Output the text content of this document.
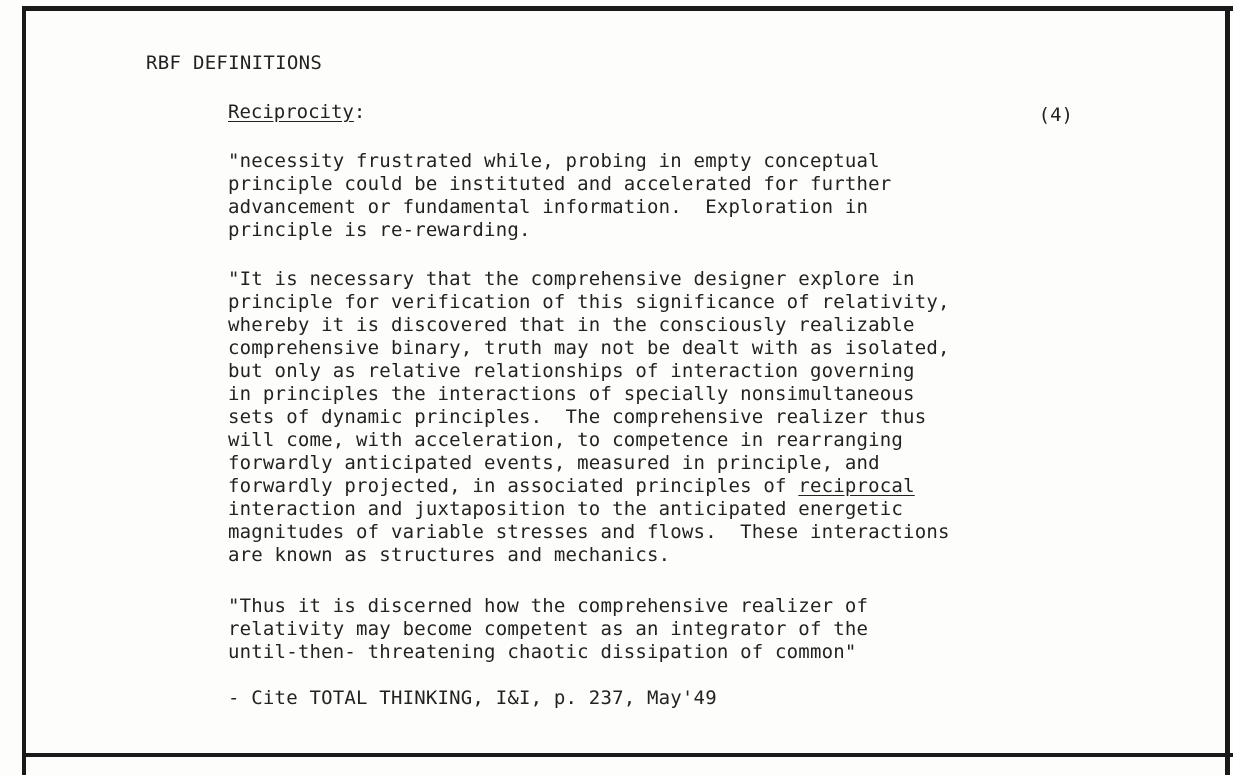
RBF DEFINITIONS
Reciprocity:	(4)
"necessity frustrated while, probing in empty conceptual
principle could be instituted and accelerated for further
advancement or fundamental information.  Exploration in
principle is re-rewarding.
"It is necessary that the comprehensive designer explore in
principle for verification of this significance of relativity,
whereby it is discovered that in the consciously realizable
comprehensive binary, truth may not be dealt with as isolated,
but only as relative relationships of interaction governing
in principles the interactions of specially nonsimultaneous
sets of dynamic principles.  The comprehensive realizer thus
will come, with acceleration, to competence in rearranging
forwardly anticipated events, measured in principle, and
forwardly projected, in associated principles of reciprocal
interaction and juxtaposition to the anticipated energetic
magnitudes of variable stresses and flows.  These interactions
are known as structures and mechanics.
"Thus it is discerned how the comprehensive realizer of
relativity may become competent as an integrator of the
until-then- threatening chaotic dissipation of common"
- Cite TOTAL THINKING, I&I, p. 237, May'49
